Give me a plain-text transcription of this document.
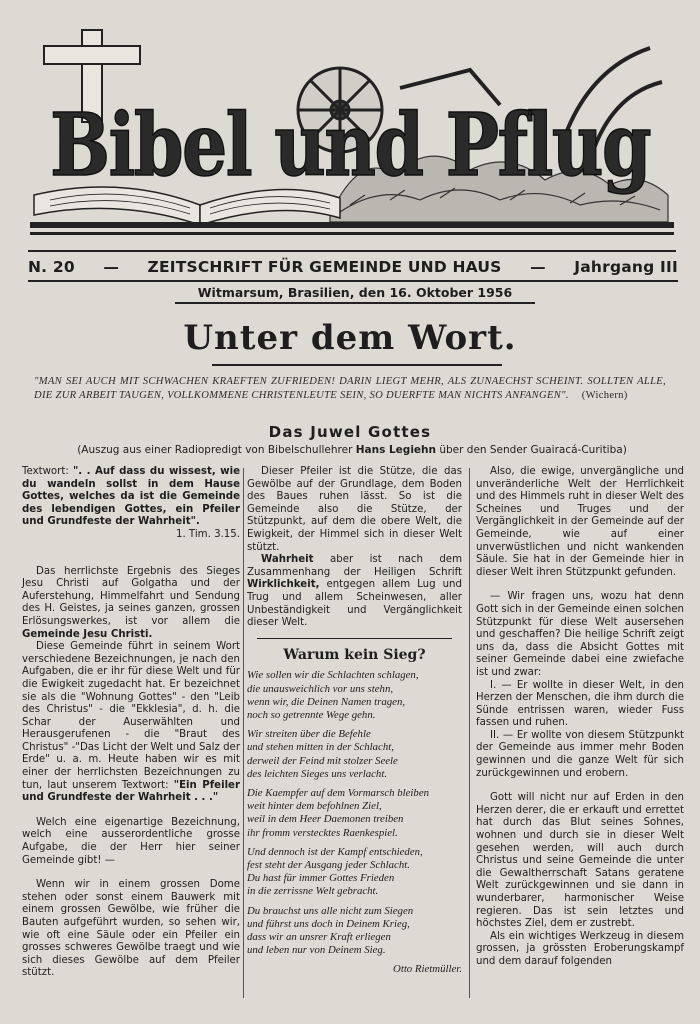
Bibel und Pflug
N. 20 — ZEITSCHRIFT FÜR GEMEINDE UND HAUS — Jahrgang III
Witmarsum, Brasilien, den 16. Oktober 1956
Unter dem Wort.
"MAN SEI AUCH MIT SCHWACHEN KRAEFTEN ZUFRIEDEN! DARIN LIEGT MEHR, ALS ZUNAECHST SCHEINT. SOLLTEN ALLE, DIE ZUR ARBEIT TAUGEN, VOLLKOMMENE CHRISTENLEUTE SEIN, SO DUERFTE MAN NICHTS ANFANGEN". (Wichern)
Das Juwel Gottes
(Auszug aus einer Radiopredigt von Bibelschullehrer Hans Legiehn über den Sender Guairacá-Curitiba)

Textwort: ". . Auf dass du wissest, wie du wandeln sollst in dem Hause Gottes, welches da ist die Gemeinde des lebendigen Gottes, ein Pfeiler und Grundfeste der Wahrheit".

1. Tim. 3.15.

Das herrlichste Ergebnis des Sieges Jesu Christi auf Golgatha und der Auferstehung, Himmelfahrt und Sendung des H. Geistes, ja seines ganzen, grossen Erlösungswerkes, ist vor allem die Gemeinde Jesu Christi.

Diese Gemeinde führt in seinem Wort verschiedene Bezeichnungen, je nach den Aufgaben, die er ihr für diese Welt und für die Ewigkeit zugedacht hat. Er bezeichnet sie als die "Wohnung Gottes" - den "Leib des Christus" - die "Ekklesia", d. h. die Schar der Auserwählten und Herausgerufenen - die "Braut des Christus" -"Das Licht der Welt und Salz der Erde" u. a. m. Heute haben wir es mit einer der herrlichsten Bezeichnungen zu tun, laut unserem Textwort: "Ein Pfeiler und Grundfeste der Wahrheit . . ."

Welch eine eigenartige Bezeichnung, welch eine ausserordentliche grosse Aufgabe, die der Herr hier seiner Gemeinde gibt! —

Wenn wir in einem grossen Dome stehen oder sonst einem Bauwerk mit einem grossen Gewölbe, wie früher die Bauten aufgeführt wurden, so sehen wir, wie oft eine Säule oder ein Pfeiler ein grosses schweres Gewölbe traegt und wie sich dieses Gewölbe auf dem Pfeiler stützt.

Dieser Pfeiler ist die Stütze, die das Gewölbe auf der Grundlage, dem Boden des Baues ruhen lässt. So ist die Gemeinde also die Stütze, der Stützpunkt, auf dem die obere Welt, die Ewigkeit, der Himmel sich in dieser Welt stützt.

Wahrheit aber ist nach dem Zusammenhang der Heiligen Schrift Wirklichkeit, entgegen allem Lug und Trug und allem Scheinwesen, aller Unbeständigkeit und Vergänglichkeit dieser Welt.

Warum kein Sieg?
Wie sollen wir die Schlachten schlagen,
die unausweichlich vor uns stehn,
wenn wir, die Deinen Namen tragen,
noch so getrennte Wege gehn.
Wir streiten über die Befehle
und stehen mitten in der Schlacht,
derweil der Feind mit stolzer Seele
des leichten Sieges uns verlacht.
Die Kaempfer auf dem Vormarsch bleiben
weit hinter dem befohlnen Ziel,
weil in dem Heer Daemonen treiben
ihr fromm verstecktes Raenkespiel.
Und dennoch ist der Kampf entschieden,
fest steht der Ausgang jeder Schlacht.
Du hast für immer Gottes Frieden
in die zerrissne Welt gebracht.
Du brauchst uns alle nicht zum Siegen
und führst uns doch in Deinem Krieg,
dass wir an unsrer Kraft erliegen
und leben nur von Deinem Sieg.
Otto Rietmüller.

Also, die ewige, unvergängliche und unveränderliche Welt der Herrlichkeit und des Himmels ruht in dieser Welt des Scheines und Truges und der Vergänglichkeit in der Gemeinde auf der Gemeinde, wie auf einer unverwüstlichen und nicht wankenden Säule. Sie hat in der Gemeinde hier in dieser Welt ihren Stützpunkt gefunden.

— Wir fragen uns, wozu hat denn Gott sich in der Gemeinde einen solchen Stützpunkt für diese Welt ausersehen und geschaffen? Die heilige Schrift zeigt uns da, dass die Absicht Gottes mit seiner Gemeinde dabei eine zwiefache ist und zwar:

I. — Er wollte in dieser Welt, in den Herzen der Menschen, die ihm durch die Sünde entrissen waren, wieder Fuss fassen und ruhen.

II. — Er wollte von diesem Stützpunkt der Gemeinde aus immer mehr Boden gewinnen und die ganze Welt für sich zurückgewinnen und erobern.

Gott will nicht nur auf Erden in den Herzen derer, die er erkauft und errettet hat durch das Blut seines Sohnes, wohnen und durch sie in dieser Welt gesehen werden, will auch durch Christus und seine Gemeinde die unter die Gewaltherrschaft Satans geratene Welt zurückgewinnen und sie dann in wunderbarer, harmonischer Weise regieren. Das ist sein letztes und höchstes Ziel, dem er zustrebt.

Als ein wichtiges Werkzeug in diesem grossen, ja grössten Eroberungskampf und dem darauf folgenden
